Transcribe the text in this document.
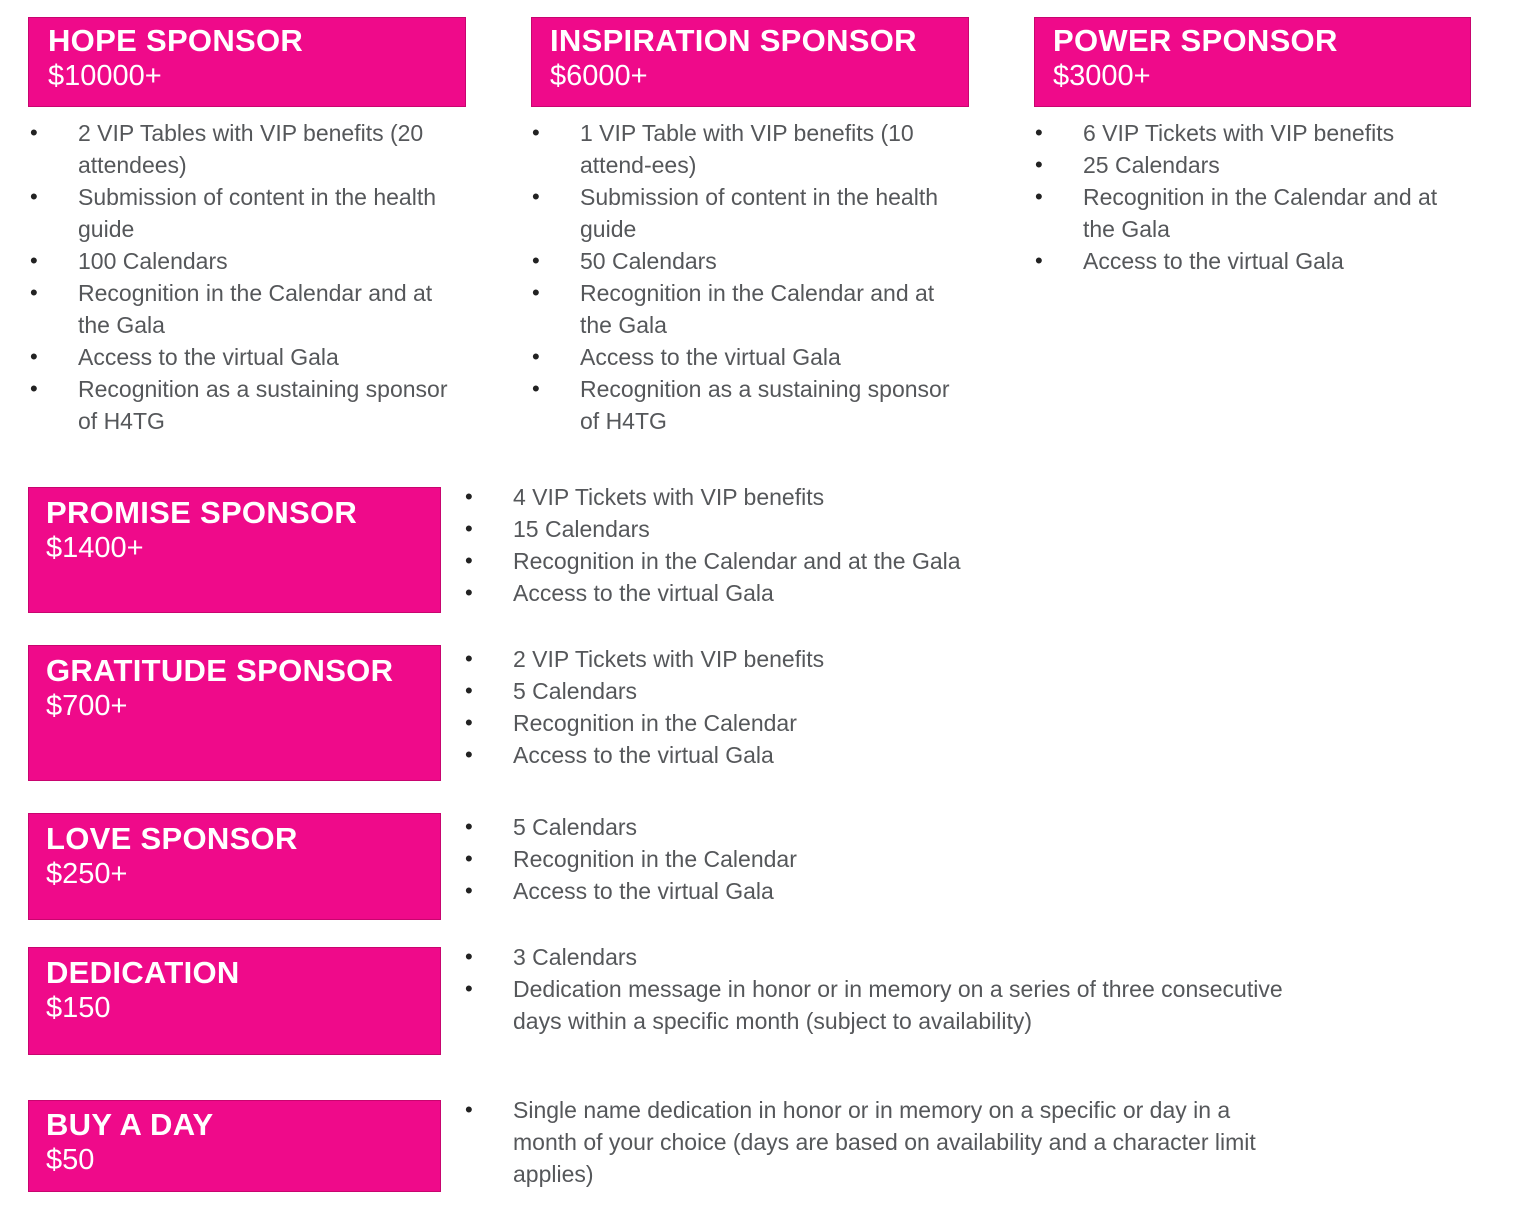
HOPE SPONSOR
$10000+
• 2 VIP Tables with VIP benefits (20 attendees)
• Submission of content in the health guide
• 100 Calendars
• Recognition in the Calendar and at the Gala
• Access to the virtual Gala
• Recognition as a sustaining sponsor of H4TG
INSPIRATION SPONSOR
$6000+
• 1 VIP Table with VIP benefits (10 attend-ees)
• Submission of content in the health guide
• 50 Calendars
• Recognition in the Calendar and at the Gala
• Access to the virtual Gala
• Recognition as a sustaining sponsor of H4TG
POWER SPONSOR
$3000+
• 6 VIP Tickets with VIP benefits
• 25 Calendars
• Recognition in the Calendar and at the Gala
• Access to the virtual Gala
PROMISE SPONSOR
$1400+
• 4 VIP Tickets with VIP benefits
• 15 Calendars
• Recognition in the Calendar and at the Gala
• Access to the virtual Gala
GRATITUDE SPONSOR
$700+
• 2 VIP Tickets with VIP benefits
• 5 Calendars
• Recognition in the Calendar
• Access to the virtual Gala
LOVE SPONSOR
$250+
• 5 Calendars
• Recognition in the Calendar
• Access to the virtual Gala
DEDICATION
$150
• 3 Calendars
• Dedication message in honor or in memory on a series of three consecutive days within a specific month (subject to availability)
BUY A DAY
$50
• Single name dedication in honor or in memory on a specific or day in a month of your choice (days are based on availability and a character limit applies)
